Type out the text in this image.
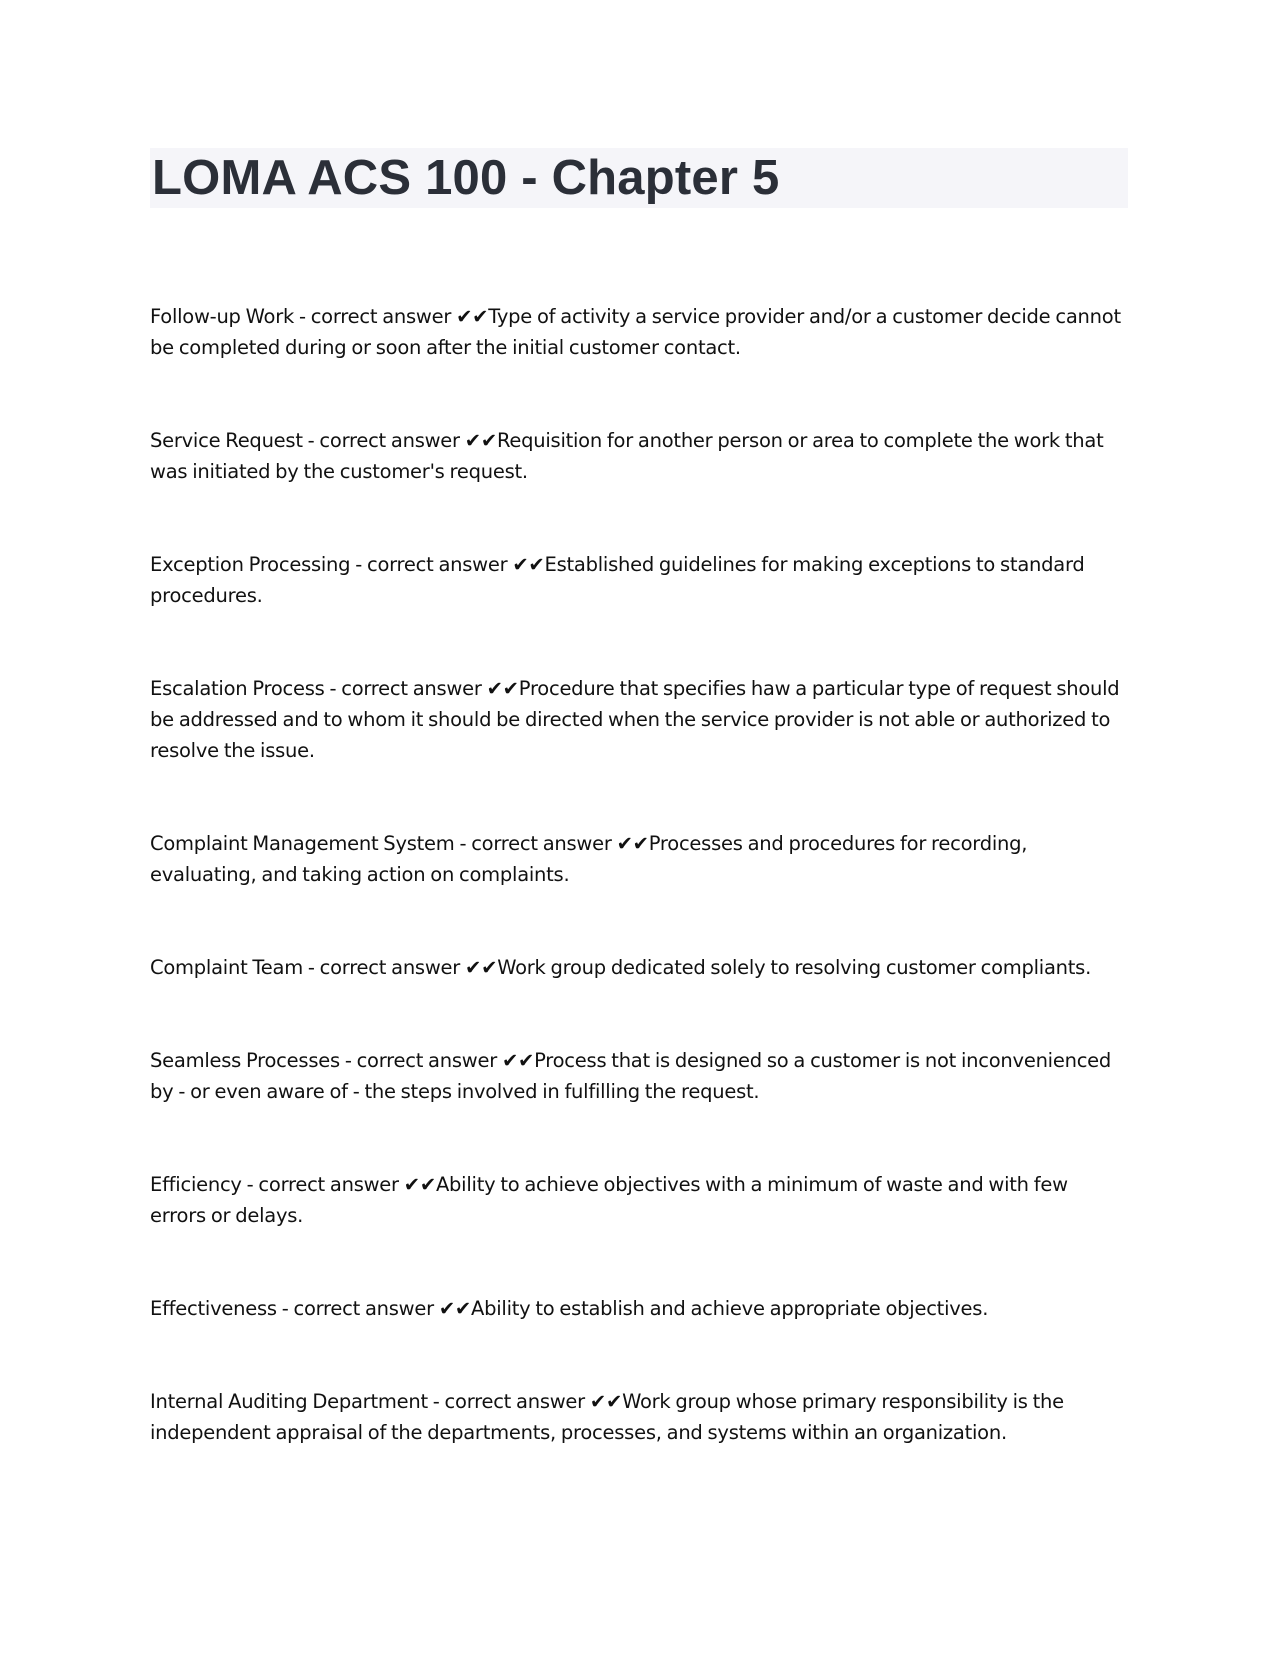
LOMA ACS 100 - Chapter 5

Follow-up Work - correct answer ✔✔Type of activity a service provider and/or a customer decide cannot be completed during or soon after the initial customer contact.

Service Request - correct answer ✔✔Requisition for another person or area to complete the work that was initiated by the customer's request.

Exception Processing - correct answer ✔✔Established guidelines for making exceptions to standard procedures.

Escalation Process - correct answer ✔✔Procedure that specifies haw a particular type of request should be addressed and to whom it should be directed when the service provider is not able or authorized to resolve the issue.

Complaint Management System - correct answer ✔✔Processes and procedures for recording, evaluating, and taking action on complaints.

Complaint Team - correct answer ✔✔Work group dedicated solely to resolving customer compliants.

Seamless Processes - correct answer ✔✔Process that is designed so a customer is not inconvenienced by - or even aware of - the steps involved in fulfilling the request.

Efficiency - correct answer ✔✔Ability to achieve objectives with a minimum of waste and with few errors or delays.

Effectiveness - correct answer ✔✔Ability to establish and achieve appropriate objectives.

Internal Auditing Department - correct answer ✔✔Work group whose primary responsibility is the independent appraisal of the departments, processes, and systems within an organization.
